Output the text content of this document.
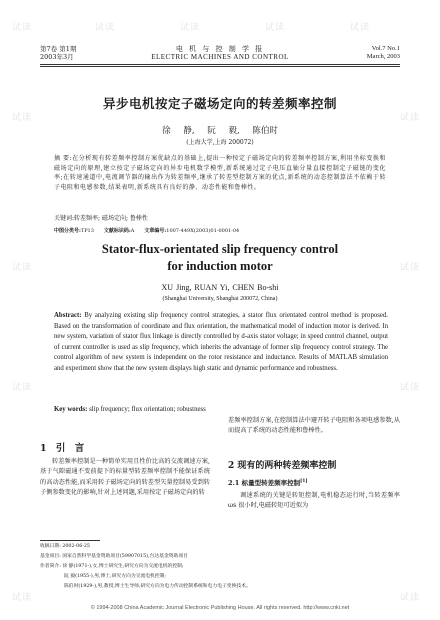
第7卷 第1期
2003年3月
电 机 与 控 制 学 报
ELECTRIC MACHINES AND CONTROL
Vol.7 No.1
March, 2003
异步电机按定子磁场定向的转差频率控制
徐 静, 阮 毅, 陈伯时
(上海大学,上海 200072)
摘 要:在分析现有转差频率控制方案优缺点的基础上,提出一种按定子磁场定向的转差频率控制方案,利用坐标变换和磁场定向的原理,建立按定子磁场定向的异步电机数学模型,新系统通过定子电压直轴分量直接控制定子磁链的变化率;在转速通道中,电流调节器的输出作为转差频率,继承了转差型控制方案的优点,新系统的动态控制算法不依赖于转子电阻和电感参数,结果表明,新系统具有良好的静、动态性能和鲁棒性。
关键词:转差频率; 磁场定向; 鲁棒性
中图分类号:TP13 文献标识码:A 文章编号:1007-449X(2003)01-0001-04
Stator-flux-orientated slip frequency control
for induction motor
XU Jing, RUAN Yi, CHEN Bo-shi
(Shanghai University, Shanghai 200072, China)
Abstract: By analyzing existing slip frequency control strategies, a stator flux orientated control method is proposed. Based on the transformation of coordinate and flux orientation, the mathematical model of induction motor is derived. In new system, variation of stator flux linkage is directly controlled by d-axis stator voltage; in speed control channel, output of current controller is used as slip frequency, which inherits the advantage of former slip frequency control strategy. The control algorithm of new system is independent on the rotor resistance and inductance. Results of MATLAB simulation and experiment show that the new system displays high static and dynamic performance and robustness.
Key words: slip frequency; flux orientation; robustness
1 引 言
转差频率控制是一种简单实用且性价比高的交流调速方案,基于气隙磁通不变前提下的标量型转差频率控制不能保证系统的高动态性能,而采用转子磁场定向的转差型矢量控制易受到转子侧参数变化的影响,针对上述问题,采用按定子磁场定向的转
差频率控制方案,在控制算法中避开转子电阻和各项电感参数,从而提高了系统的动态性能和鲁棒性。
2 现有的两种转差频率控制
2.1 标量型转差频率控制[1]
调速系统的关键是转矩控制,电机稳态运行时,当转差频率 ωs 很小时,电磁转矩可近似为
收稿日期: 2002-06-25
基金项目: 国家自然科学基金资助项目(59907015),台达基金资助项目
作者简介: 徐 静(1971-),女,博士研究生,研究方向为交流电机的控制;
阮 毅(1955-),男,博士,研究方向为交流电机控制;
陈伯时(1929-),男,教授,博士生导师,研究方向为电力传动控制系统和电力电子变换技术。
© 1994-2008 China Academic Journal Electronic Publishing House. All rights reserved. http://www.cnki.net
试读	试读	试读	试读	试读
试读	试读
试读	试读
试读	试读
试读	试读
